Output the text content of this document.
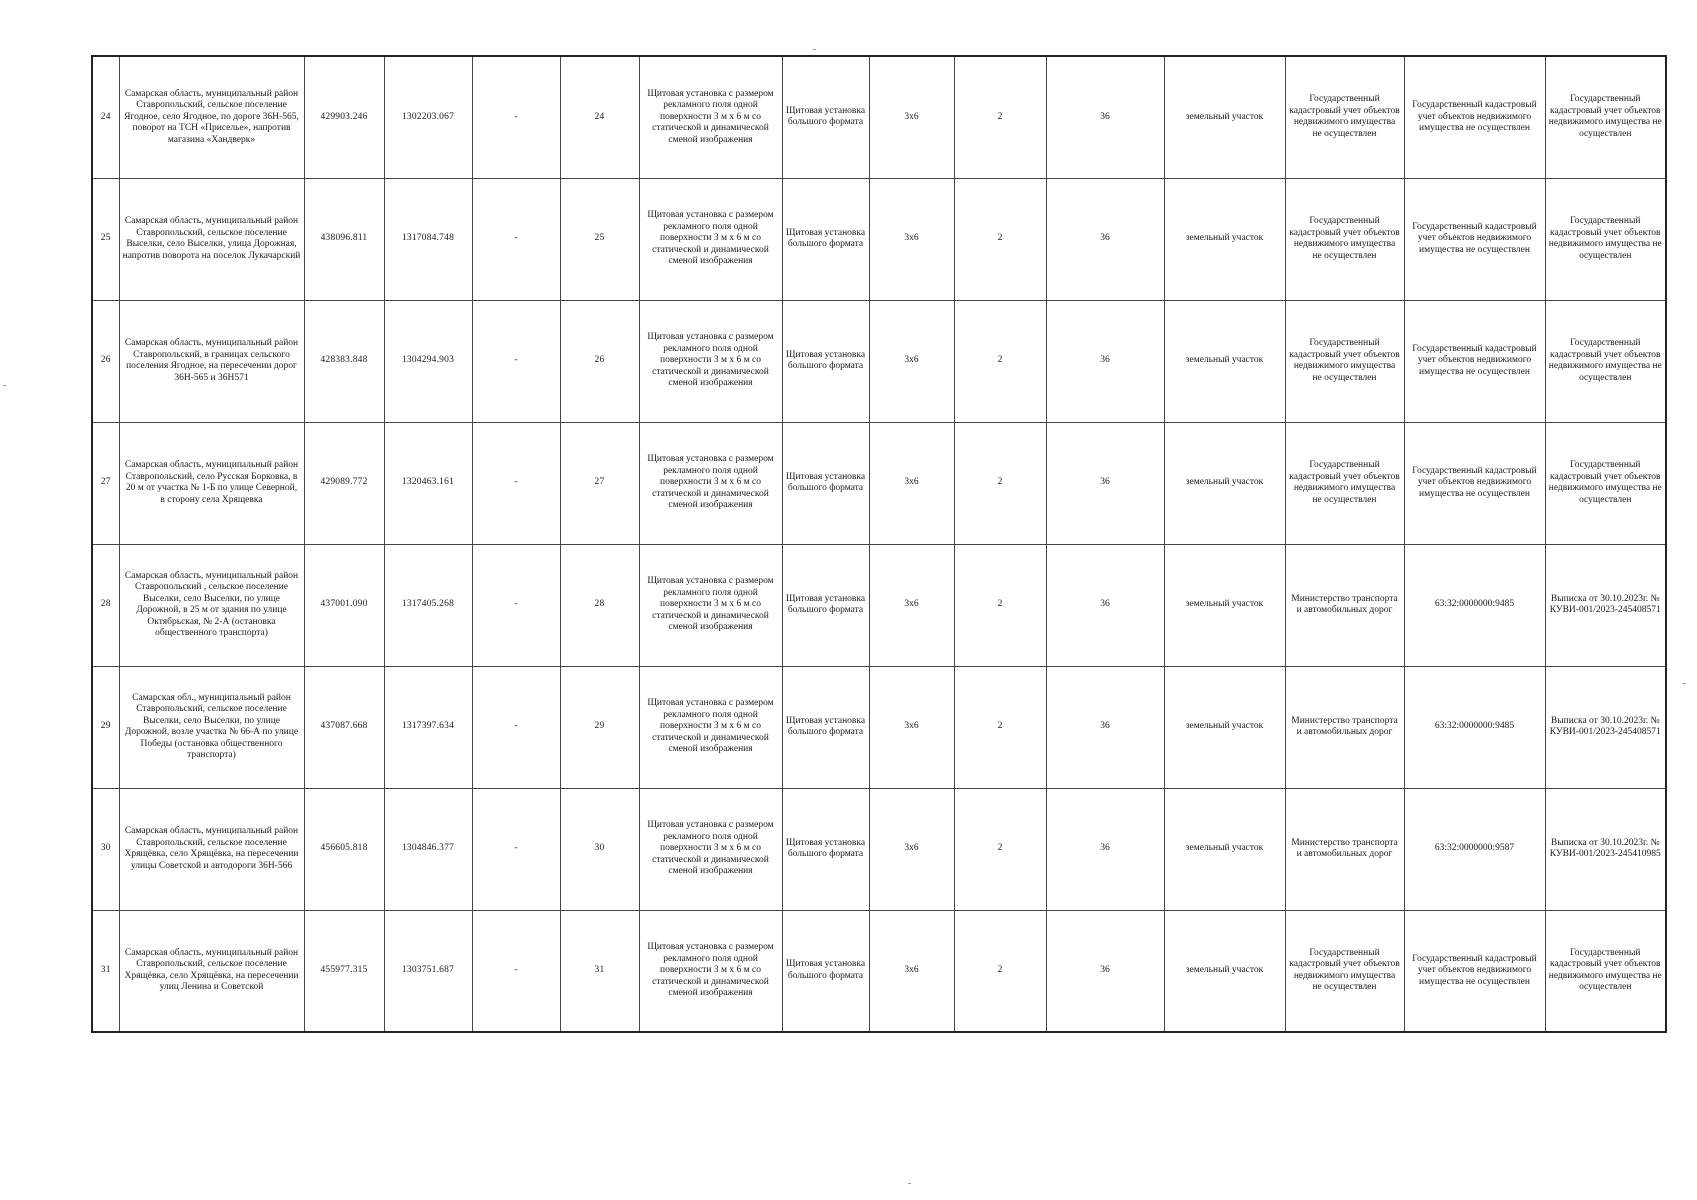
24	Самарская область, муниципальный район Ставропольский, сельское поселение Ягодное, село Ягодное, по дороге 36Н-565, поворот на ТСН «Приселье», напротив магазина «Хандверк»	429903.246	1302203.067	-	24	Щитовая установка с размером рекламного поля одной поверхности 3 м х 6 м со статической и динамической сменой изображения	Щитовая установка большого формата	3х6	2	36	земельный участок	Государственный кадастровый учет объектов недвижимого имущества не осуществлен	Государственный кадастровый учет объектов недвижимого имущества не осуществлен	Государственный кадастровый учет объектов недвижимого имущества не осуществлен
25	Самарская область, муниципальный район Ставропольский, сельское поселение Выселки, село Выселки, улица Дорожная, напротив поворота на поселок Лукачарский	438096.811	1317084.748	-	25	Щитовая установка с размером рекламного поля одной поверхности 3 м х 6 м со статической и динамической сменой изображения	Щитовая установка большого формата	3х6	2	36	земельный участок	Государственный кадастровый учет объектов недвижимого имущества не осуществлен	Государственный кадастровый учет объектов недвижимого имущества не осуществлен	Государственный кадастровый учет объектов недвижимого имущества не осуществлен
26	Самарская область, муниципальный район Ставропольский, в границах сельского поселения Ягодное, на пересечении дорог 36Н-565 и 36Н571	428383.848	1304294.903	-	26	Щитовая установка с размером рекламного поля одной поверхности 3 м х 6 м со статической и динамической сменой изображения	Щитовая установка большого формата	3х6	2	36	земельный участок	Государственный кадастровый учет объектов недвижимого имущества не осуществлен	Государственный кадастровый учет объектов недвижимого имущества не осуществлен	Государственный кадастровый учет объектов недвижимого имущества не осуществлен
27	Самарская область, муниципальный район Ставропольский, село Русская Борковка, в 20 м от участка № 1-Б по улице Северной, в сторону села Хрящевка	429089.772	1320463.161	-	27	Щитовая установка с размером рекламного поля одной поверхности 3 м х 6 м со статической и динамической сменой изображения	Щитовая установка большого формата	3х6	2	36	земельный участок	Государственный кадастровый учет объектов недвижимого имущества не осуществлен	Государственный кадастровый учет объектов недвижимого имущества не осуществлен	Государственный кадастровый учет объектов недвижимого имущества не осуществлен
28	Самарская область, муниципальный район Ставропольский , сельское поселение Выселки, село Выселки, по улице Дорожной, в 25 м от здания по улице Октябрьская, № 2-А (остановка общественного транспорта)	437001.090	1317405.268	-	28	Щитовая установка с размером рекламного поля одной поверхности 3 м х 6 м со статической и динамической сменой изображения	Щитовая установка большого формата	3х6	2	36	земельный участок	Министерство транспорта и автомобильных дорог	63:32:0000000:9485	Выписка от 30.10.2023г. № КУВИ-001/2023-245408571
29	Самарская обл., муниципальный район Ставропольский, сельское поселение Выселки, село Выселки, по улице Дорожной, возле участка № 66-А по улице Победы (остановка общественного транспорта)	437087.668	1317397.634	-	29	Щитовая установка с размером рекламного поля одной поверхности 3 м х 6 м со статической и динамической сменой изображения	Щитовая установка большого формата	3х6	2	36	земельный участок	Министерство транспорта и автомобильных дорог	63:32:0000000:9485	Выписка от 30.10.2023г. № КУВИ-001/2023-245408571
30	Самарская область, муниципальный район Ставропольский, сельское поселение Хрящёвка, село Хрящёвка, на пересечении улицы Советской и автодороги 36Н-566	456605.818	1304846.377	-	30	Щитовая установка с размером рекламного поля одной поверхности 3 м х 6 м со статической и динамической сменой изображения	Щитовая установка большого формата	3х6	2	36	земельный участок	Министерство транспорта и автомобильных дорог	63:32:0000000:9587	Выписка от 30.10.2023г. № КУВИ-001/2023-245410985
31	Самарская область, муниципальный район Ставропольский, сельское поселение Хрящёвка, село Хрящёвка, на пересечении улиц Ленина и Советской	455977.315	1303751.687	-	31	Щитовая установка с размером рекламного поля одной поверхности 3 м х 6 м со статической и динамической сменой изображения	Щитовая установка большого формата	3х6	2	36	земельный участок	Государственный кадастровый учет объектов недвижимого имущества не осуществлен	Государственный кадастровый учет объектов недвижимого имущества не осуществлен	Государственный кадастровый учет объектов недвижимого имущества не осуществлен
